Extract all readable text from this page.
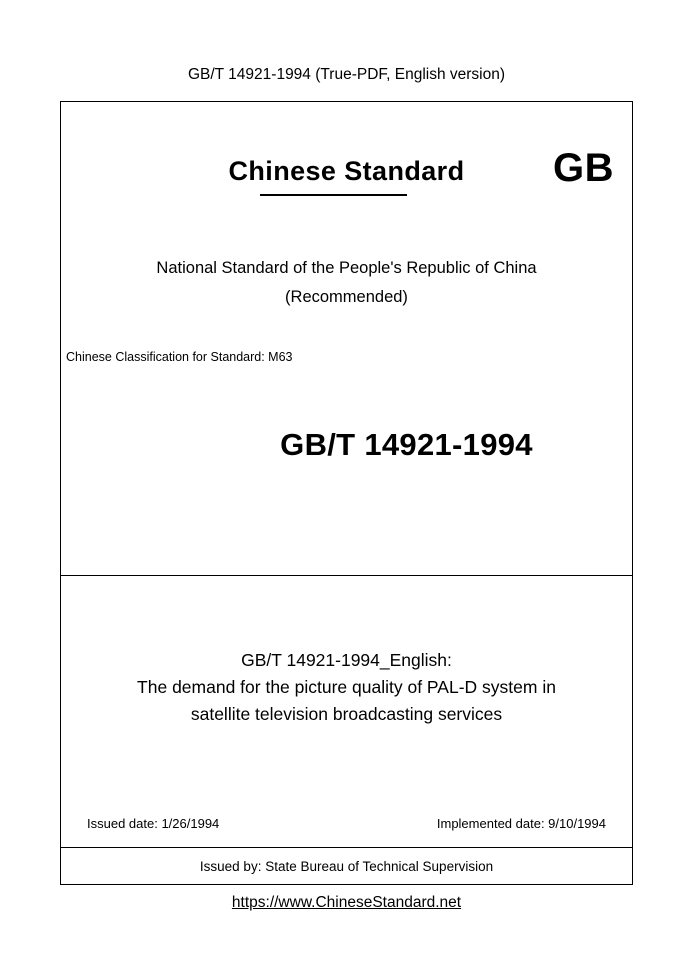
GB/T 14921-1994 (True-PDF, English version)
Chinese Standard	GB
National Standard of the People's Republic of China
(Recommended)
Chinese Classification for Standard: M63
GB/T 14921-1994
GB/T 14921-1994_English:
The demand for the picture quality of PAL-D system in
satellite television broadcasting services
Issued date: 1/26/1994	Implemented date: 9/10/1994
Issued by: State Bureau of Technical Supervision
https://www.ChineseStandard.net
